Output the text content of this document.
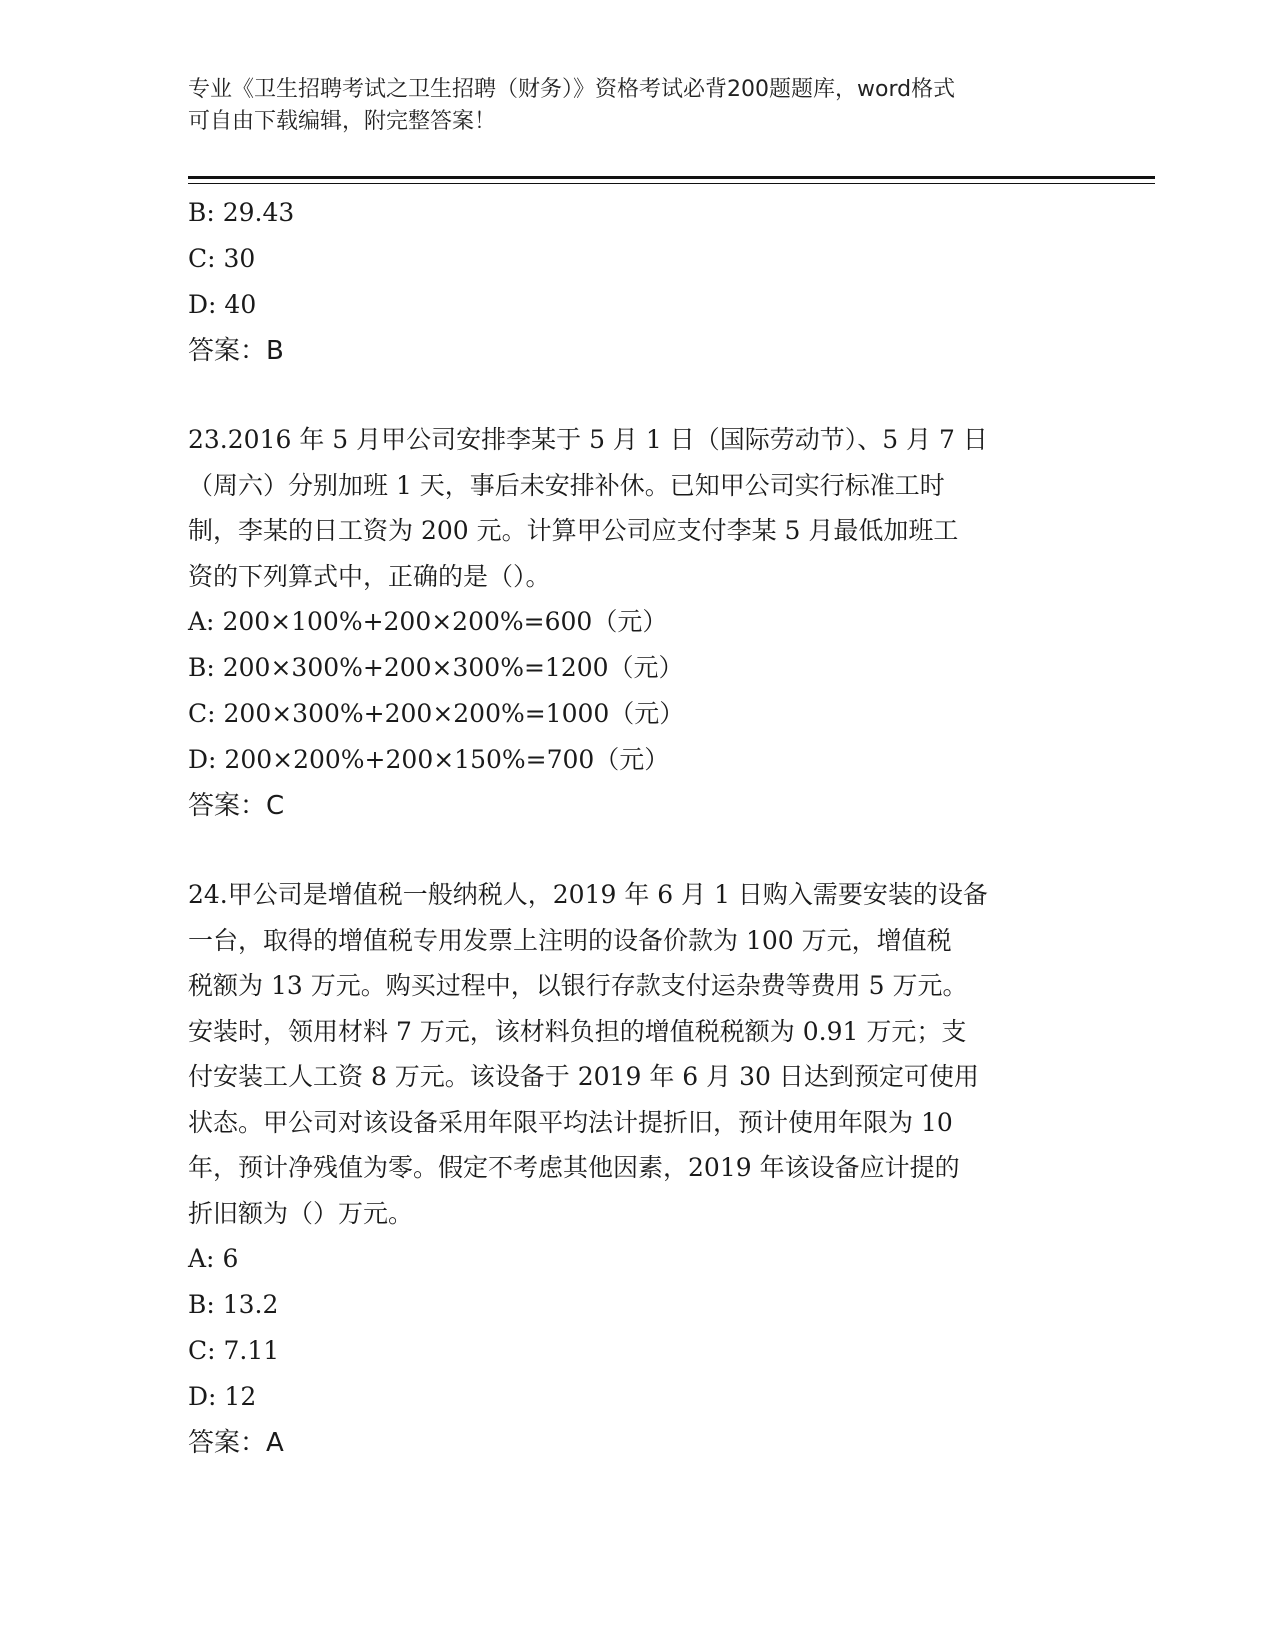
专业《卫生招聘考试之卫生招聘（财务）》资格考试必背200题题库，word格式
可自由下载编辑，附完整答案！
B: 29.43
C: 30
D: 40
答案：B
23.2016 年 5 月甲公司安排李某于 5 月 1 日（国际劳动节）、5 月 7 日
（周六）分别加班 1 天，事后未安排补休。已知甲公司实行标准工时
制，李某的日工资为 200 元。计算甲公司应支付李某 5 月最低加班工
资的下列算式中，正确的是（）。
A: 200×100%+200×200%=600（元）
B: 200×300%+200×300%=1200（元）
C: 200×300%+200×200%=1000（元）
D: 200×200%+200×150%=700（元）
答案：C
24.甲公司是增值税一般纳税人，2019 年 6 月 1 日购入需要安装的设备
一台，取得的增值税专用发票上注明的设备价款为 100 万元，增值税
税额为 13 万元。购买过程中，以银行存款支付运杂费等费用 5 万元。
安装时，领用材料 7 万元，该材料负担的增值税税额为 0.91 万元；支
付安装工人工资 8 万元。该设备于 2019 年 6 月 30 日达到预定可使用
状态。甲公司对该设备采用年限平均法计提折旧，预计使用年限为 10
年，预计净残值为零。假定不考虑其他因素，2019 年该设备应计提的
折旧额为（）万元。
A: 6
B: 13.2
C: 7.11
D: 12
答案：A
